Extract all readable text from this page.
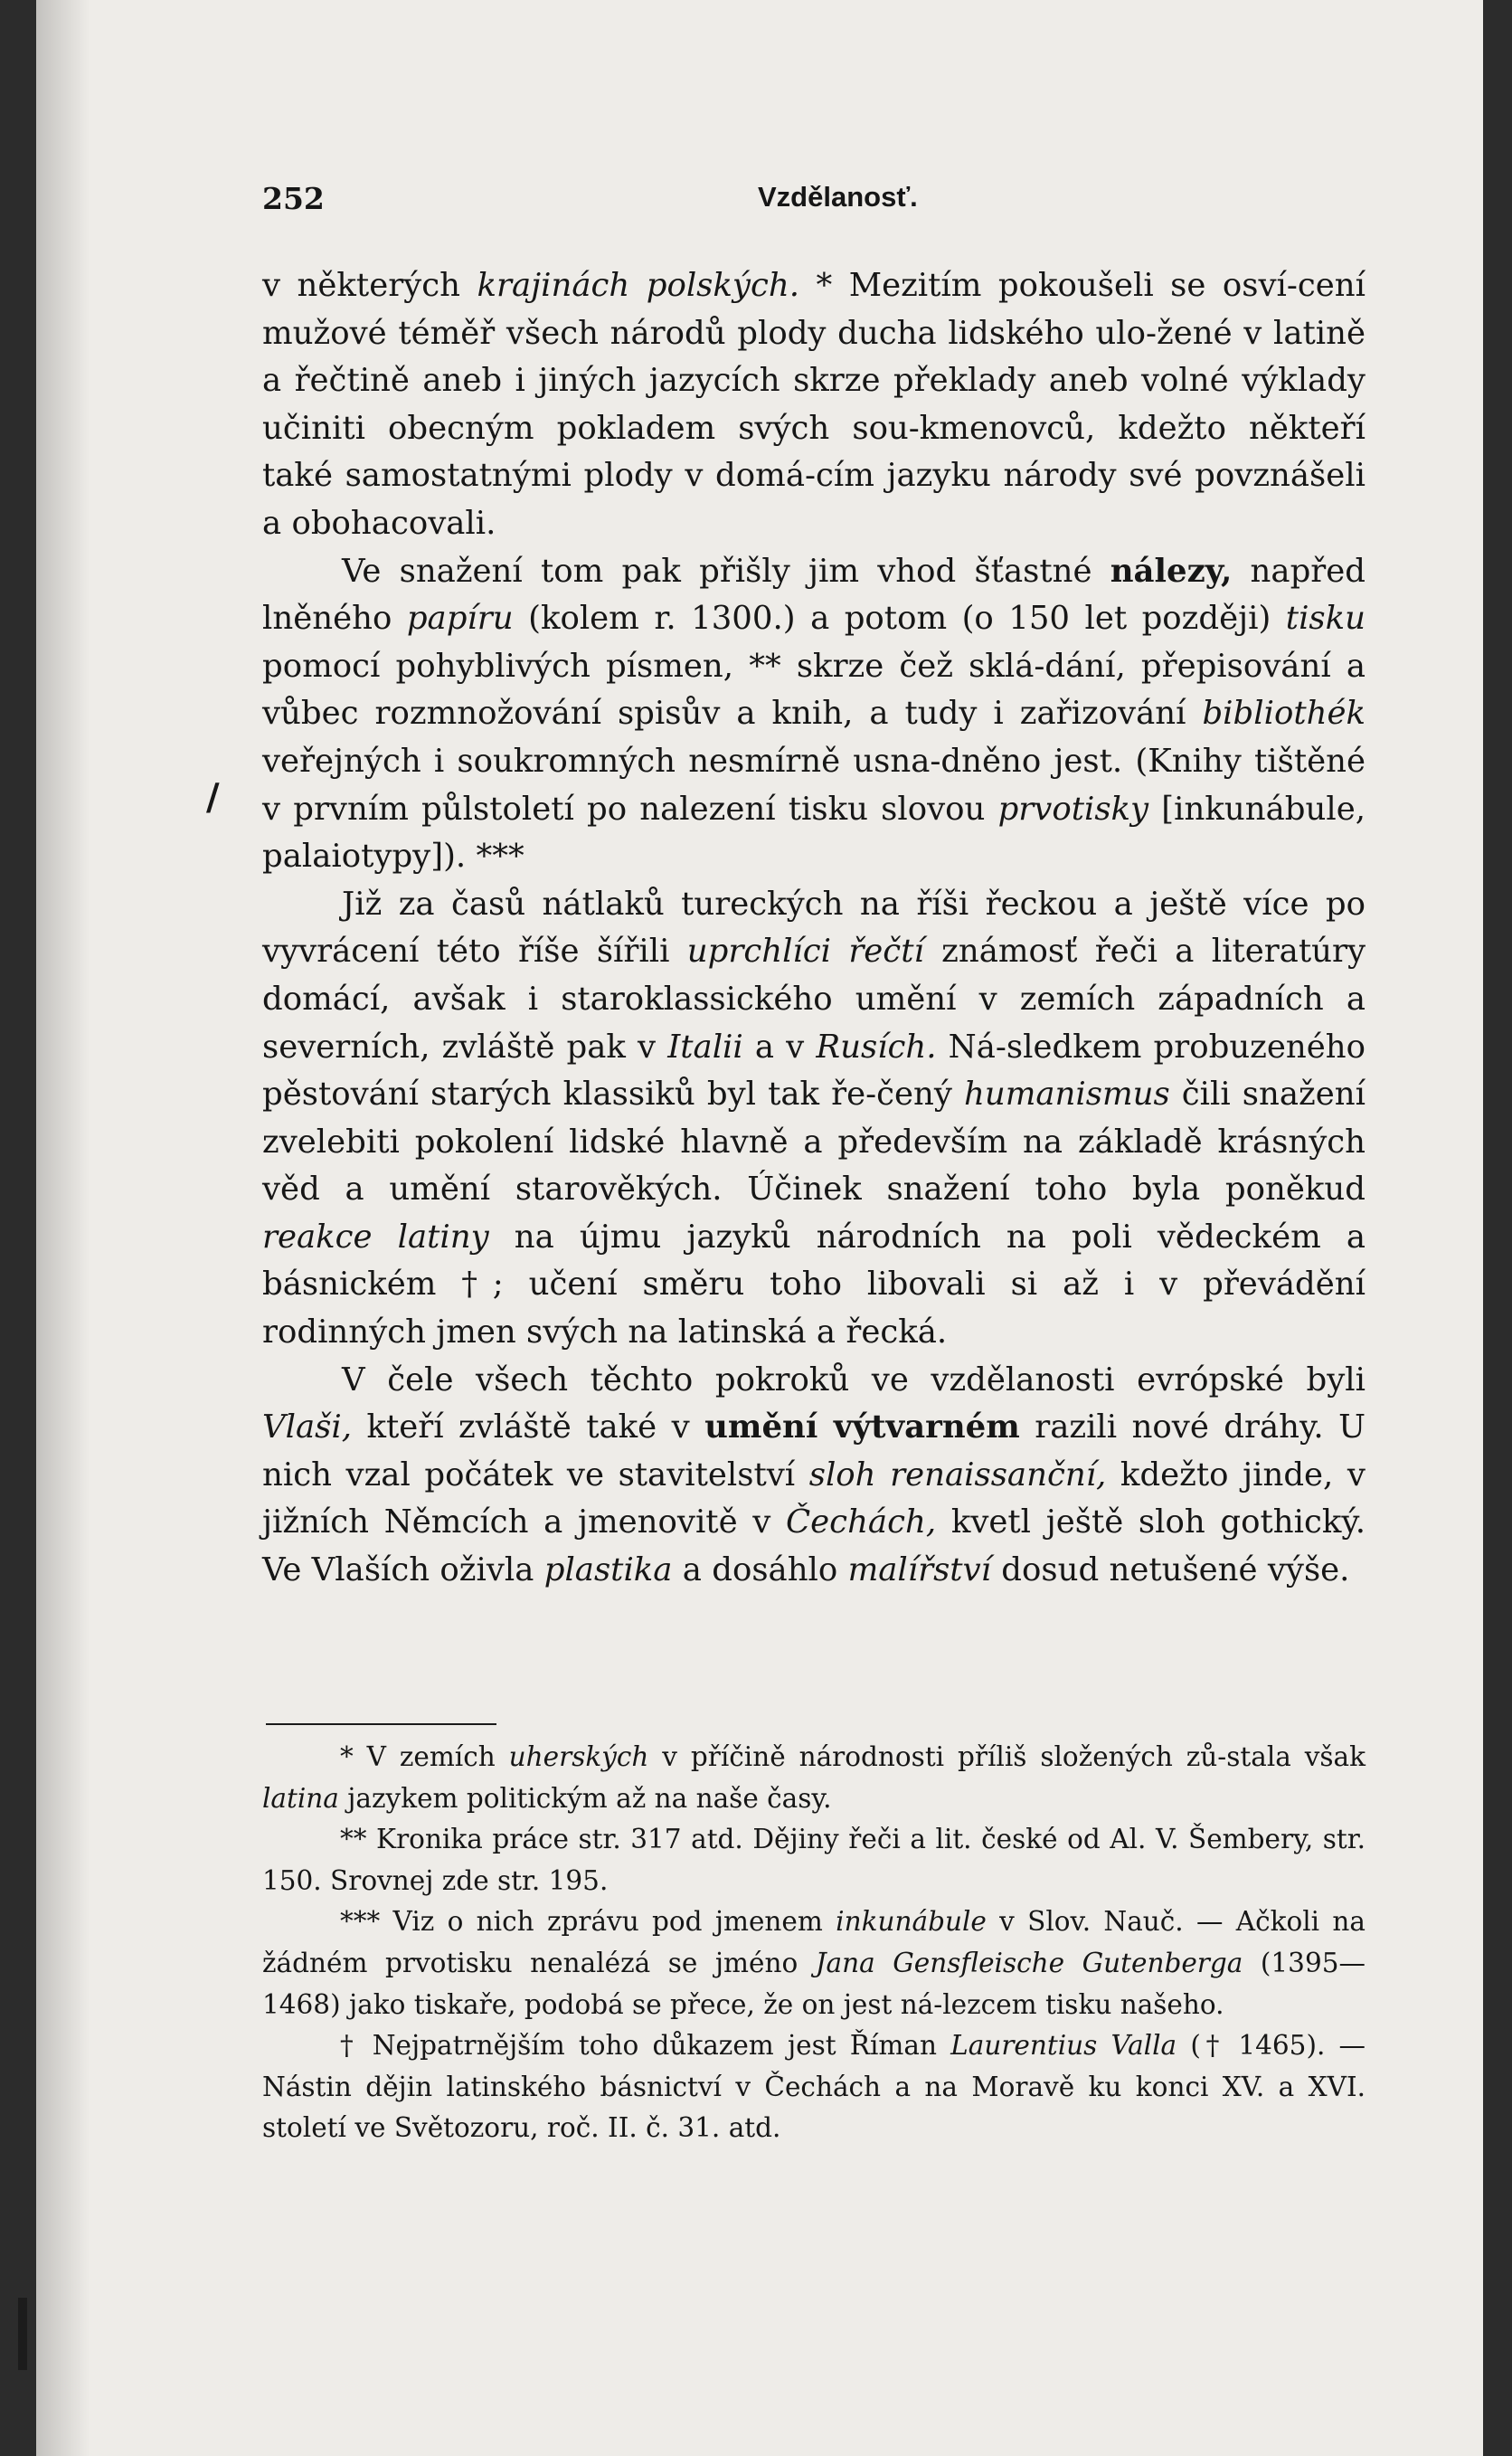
252	Vzdělanosť.
/

v některých krajinách polských. * Mezitím pokoušeli se osví-cení mužové téměř všech národů plody ducha lidského ulo-žené v latině a řečtině aneb i jiných jazycích skrze překlady aneb volné výklady učiniti obecným pokladem svých sou-kmenovců, kdežto někteří také samostatnými plody v domá-cím jazyku národy své povznášeli a obohacovali.

Ve snažení tom pak přišly jim vhod šťastné nálezy, napřed lněného papíru (kolem r. 1300.) a potom (o 150 let později) tisku pomocí pohyblivých písmen, ** skrze čež sklá-dání, přepisování a vůbec rozmnožování spisův a knih, a tudy i zařizování bibliothék veřejných i soukromných nesmírně usna-dněno jest. (Knihy tištěné v prvním půlstoletí po nalezení tisku slovou prvotisky [inkunábule, palaiotypy]). ***

Již za časů nátlaků tureckých na říši řeckou a ještě více po vyvrácení této říše šířili uprchlíci řečtí známosť řeči a literatúry domácí, avšak i staroklassického umění v zemích západních a severních, zvláště pak v Italii a v Rusích. Ná-sledkem probuzeného pěstování starých klassiků byl tak ře-čený humanismus čili snažení zvelebiti pokolení lidské hlavně a především na základě krásných věd a umění starověkých. Účinek snažení toho byla poněkud reakce latiny na újmu jazyků národních na poli vědeckém a básnickém †; učení směru toho libovali si až i v převádění rodinných jmen svých na latinská a řecká.

V čele všech těchto pokroků ve vzdělanosti evrópské byli Vlaši, kteří zvláště také v umění výtvarném razili nové dráhy. U nich vzal počátek ve stavitelství sloh renaissanční, kdežto jinde, v jižních Němcích a jmenovitě v Čechách, kvetl ještě sloh gothický. Ve Vlaších oživla plastika a dosáhlo malířství dosud netušené výše.

* V zemích uherských v příčině národnosti příliš složených zů-stala však latina jazykem politickým až na naše časy.

** Kronika práce str. 317 atd. Dějiny řeči a lit. české od Al. V. Šembery, str. 150. Srovnej zde str. 195.

*** Viz o nich zprávu pod jmenem inkunábule v Slov. Nauč. — Ačkoli na žádném prvotisku nenalézá se jméno Jana Gensfleische Gutenberga (1395—1468) jako tiskaře, podobá se přece, že on jest ná-lezcem tisku našeho.

† Nejpatrnějším toho důkazem jest Říman Laurentius Valla († 1465). — Nástin dějin latinského básnictví v Čechách a na Moravě ku konci XV. a XVI. století ve Světozoru, roč. II. č. 31. atd.
